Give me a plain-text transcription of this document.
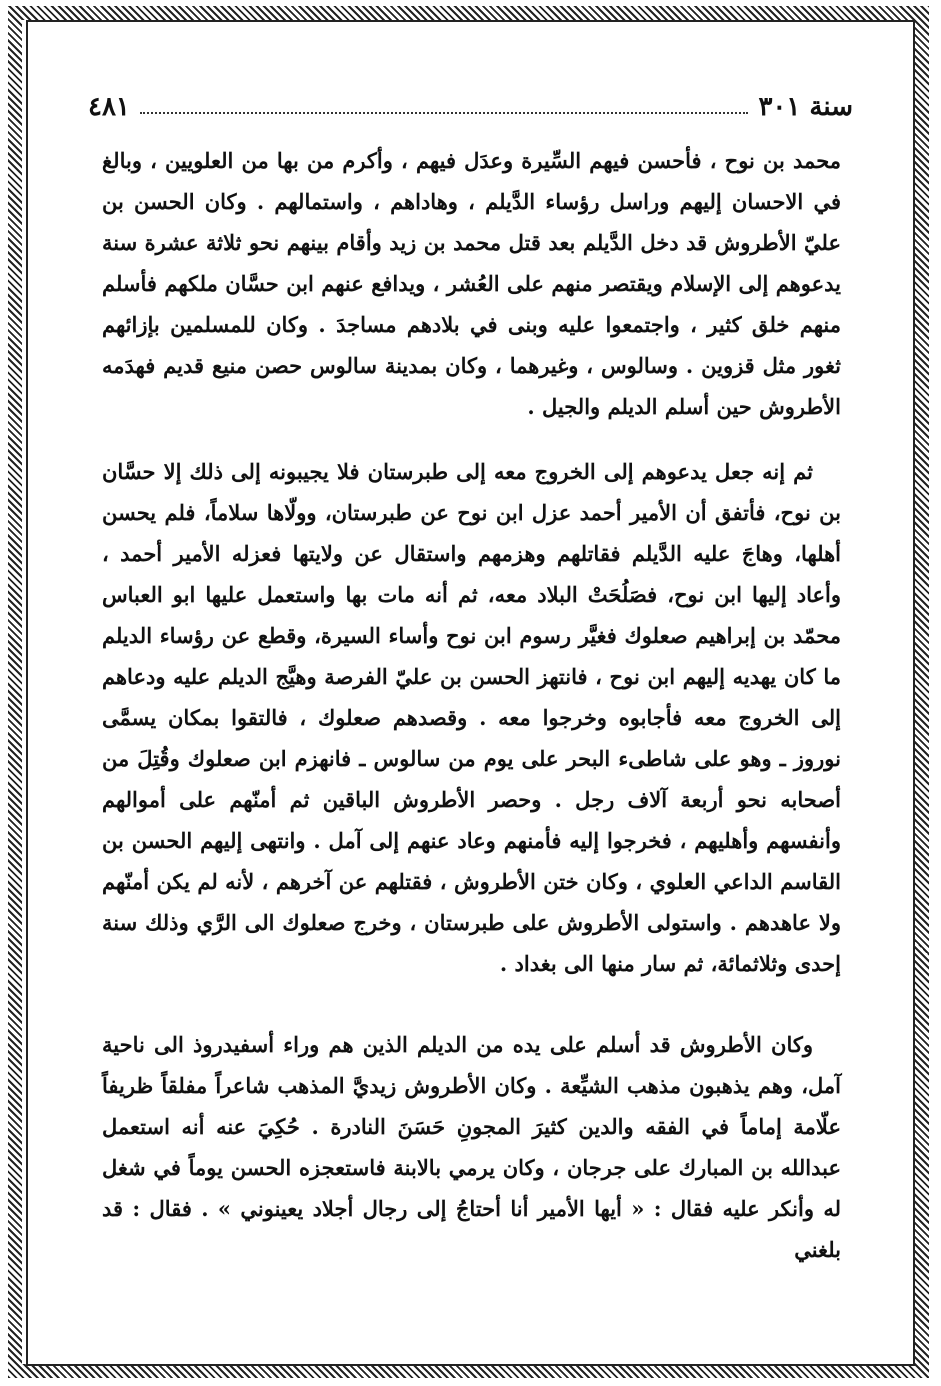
سنة ٣٠١
٤٨١

محمد بن نوح ، فأحسن فيهم السِّيرة وعدَل فيهم ، وأكرم من بها من العلويين ، وبالغ في الاحسان إليهم وراسل رؤساء الدَّيلم ، وهاداهم ، واستمالهم . وكان الحسن بن عليّ الأطروش قد دخل الدَّيلم بعد قتل محمد بن زيد وأقام بينهم نحو ثلاثة عشرة سنة يدعوهم إلى الإسلام ويقتصر منهم على العُشر ، ويدافع عنهم ابن حسَّان ملكهم فأسلم منهم خلق كثير ، واجتمعوا عليه وبنى في بلادهم مساجدَ . وكان للمسلمين بإزائهم ثغور مثل قزوين . وسالوس ، وغيرهما ، وكان بمدينة سالوس حصن منيع قديم فهدَمه الأطروش حين أسلم الديلم والجيل .

ثم إنه جعل يدعوهم إلى الخروج معه إلى طبرستان فلا يجيبونه إلى ذلك إلا حسَّان بن نوح، فأتفق أن الأمير أحمد عزل ابن نوح عن طبرستان، وولّاها سلاماً، فلم يحسن أهلها، وهاجَ عليه الدَّيلم فقاتلهم وهزمهم واستقال عن ولايتها فعزله الأمير أحمد ، وأعاد إليها ابن نوح، فصَلُحَتْ البلاد معه، ثم أنه مات بها واستعمل عليها ابو العباس محمّد بن إبراهيم صعلوك فغيَّر رسوم ابن نوح وأساء السيرة، وقطع عن رؤساء الديلم ما كان يهديه إليهم ابن نوح ، فانتهز الحسن بن عليّ الفرصة وهيَّج الديلم عليه ودعاهم إلى الخروج معه فأجابوه وخرجوا معه . وقصدهم صعلوك ، فالتقوا بمكان يسمَّى نوروز ـ وهو على شاطىء البحر على يوم من سالوس ـ فانهزم ابن صعلوك وقُتِلَ من أصحابه نحو أربعة آلاف رجل . وحصر الأطروش الباقين ثم أمنّهم على أموالهم وأنفسهم وأهليهم ، فخرجوا إليه فأمنهم وعاد عنهم إلى آمل . وانتهى إليهم الحسن بن القاسم الداعي العلوي ، وكان ختن الأطروش ، فقتلهم عن آخرهم ، لأنه لم يكن أمنّهم ولا عاهدهم . واستولى الأطروش على طبرستان ، وخرج صعلوك الى الرَّي وذلك سنة إحدى وثلاثمائة، ثم سار منها الى بغداد .

وكان الأطروش قد أسلم على يده من الديلم الذين هم وراء أسفيدروذ الى ناحية آمل، وهم يذهبون مذهب الشيِّعة . وكان الأطروش زيديَّ المذهب شاعراً مفلقاً ظريفاً علّامة إماماً في الفقه والدين كثيرَ المجونِ حَسَنَ النادرة . حُكِيَ عنه أنه استعمل عبدالله بن المبارك على جرجان ، وكان يرمي بالابنة فاستعجزه الحسن يوماً في شغل له وأنكر عليه فقال : « أيها الأمير أنا أحتاجُ إلى رجال أجلاد يعينوني » . فقال : قد بلغني
